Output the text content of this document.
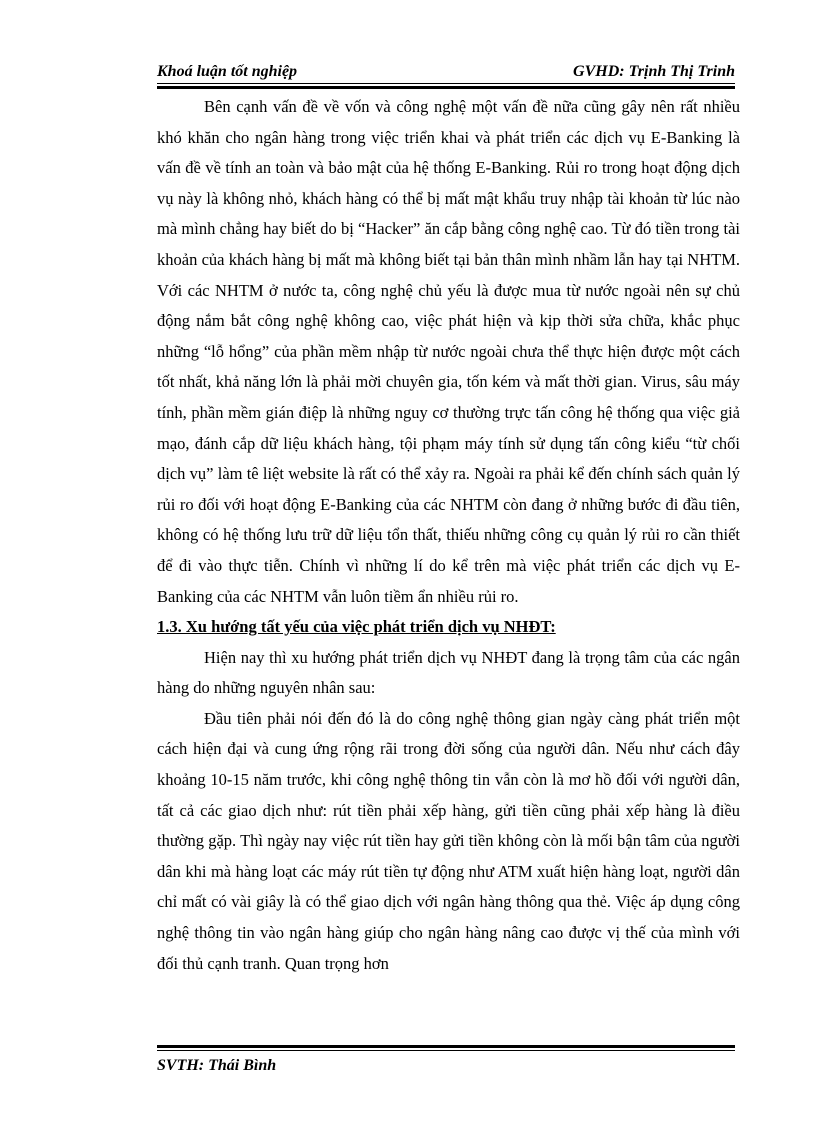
Khoá luận tốt nghiệp	GVHD: Trịnh Thị Trinh

Bên cạnh vấn đề về vốn và công nghệ một vấn đề nữa cũng gây nên rất nhiều khó khăn cho ngân hàng trong việc triển khai và phát triển các dịch vụ E-Banking là vấn đề về tính an toàn và bảo mật của hệ thống E-Banking. Rủi ro trong hoạt động dịch vụ này là không nhỏ, khách hàng có thể bị mất mật khẩu truy nhập tài khoản từ lúc nào mà mình chẳng hay biết do bị “Hacker” ăn cắp bằng công nghệ cao. Từ đó tiền trong tài khoản của khách hàng bị mất mà không biết tại bản thân mình nhầm lẫn hay tại NHTM. Với các NHTM ở nước ta, công nghệ chủ yếu là được mua từ nước ngoài nên sự chủ động nắm bắt công nghệ không cao, việc phát hiện và kịp thời sửa chữa, khắc phục những “lỗ hổng” của phần mềm nhập từ nước ngoài chưa thể thực hiện được một cách tốt nhất, khả năng lớn là phải mời chuyên gia, tốn kém và mất thời gian. Virus, sâu máy tính, phần mềm gián điệp là những nguy cơ thường trực tấn công hệ thống qua việc giả mạo, đánh cắp dữ liệu khách hàng, tội phạm máy tính sử dụng tấn công kiểu “từ chối dịch vụ” làm tê liệt website là rất có thể xảy ra. Ngoài ra phải kể đến chính sách quản lý rủi ro đối với hoạt động E-Banking của các NHTM còn đang ở những bước đi đầu tiên, không có hệ thống lưu trữ dữ liệu tổn thất, thiếu những công cụ quản lý rủi ro cần thiết để đi vào thực tiễn. Chính vì những lí do kể trên mà việc phát triển các dịch vụ E- Banking của các NHTM vẫn luôn tiềm ẩn nhiều rủi ro.

1.3. Xu hướng tất yếu của việc phát triển dịch vụ NHĐT:

Hiện nay thì xu hướng phát triển dịch vụ NHĐT đang là trọng tâm của các ngân hàng do những nguyên nhân sau:

Đầu tiên phải nói đến đó là do công nghệ thông gian ngày càng phát triển một cách hiện đại và cung ứng rộng rãi trong đời sống của người dân. Nếu như cách đây khoảng 10-15 năm trước, khi công nghệ thông tin vẫn còn là mơ hồ đối với người dân, tất cả các giao dịch như: rút tiền phải xếp hàng, gửi tiền cũng phải xếp hàng là điều thường gặp. Thì ngày nay việc rút tiền hay gửi tiền không còn là mối bận tâm của người dân khi mà hàng loạt các máy rút tiền tự động như ATM xuất hiện hàng loạt, người dân chỉ mất có vài giây là có thể giao dịch với ngân hàng thông qua thẻ. Việc áp dụng công nghệ thông tin vào ngân hàng giúp cho ngân hàng nâng cao được vị thế của mình với đối thủ cạnh tranh. Quan trọng hơn

SVTH: Thái Bình
